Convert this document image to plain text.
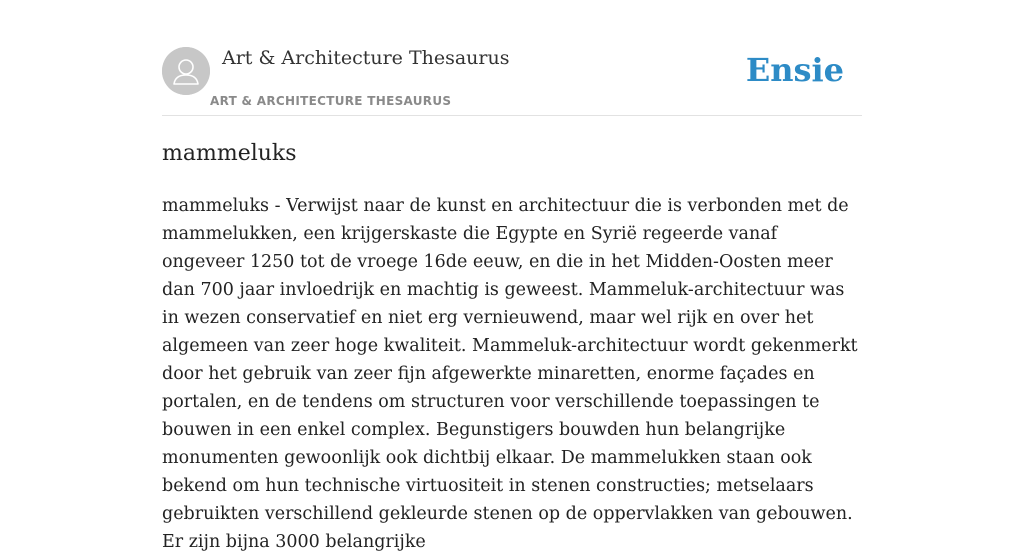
Art & Architecture Thesaurus
ART & ARCHITECTURE THESAURUS
Ensie
mammeluks

mammeluks - Verwijst naar de kunst en architectuur die is verbonden met de mammelukken, een krijgerskaste die Egypte en Syrië regeerde vanaf ongeveer 1250 tot de vroege 16de eeuw, en die in het Midden-Oosten meer dan 700 jaar invloedrijk en machtig is geweest. Mammeluk-architectuur was in wezen conservatief en niet erg vernieuwend, maar wel rijk en over het algemeen van zeer hoge kwaliteit. Mammeluk-architectuur wordt gekenmerkt door het gebruik van zeer fijn afgewerkte minaretten, enorme façades en portalen, en de tendens om structuren voor verschillende toepassingen te bouwen in een enkel complex. Begunstigers bouwden hun belangrijke monumenten gewoonlijk ook dichtbij elkaar. De mammelukken staan ook bekend om hun technische virtuositeit in stenen constructies; metselaars gebruikten verschillend gekleurde stenen op de oppervlakken van gebouwen. Er zijn bijna 3000 belangrijke
